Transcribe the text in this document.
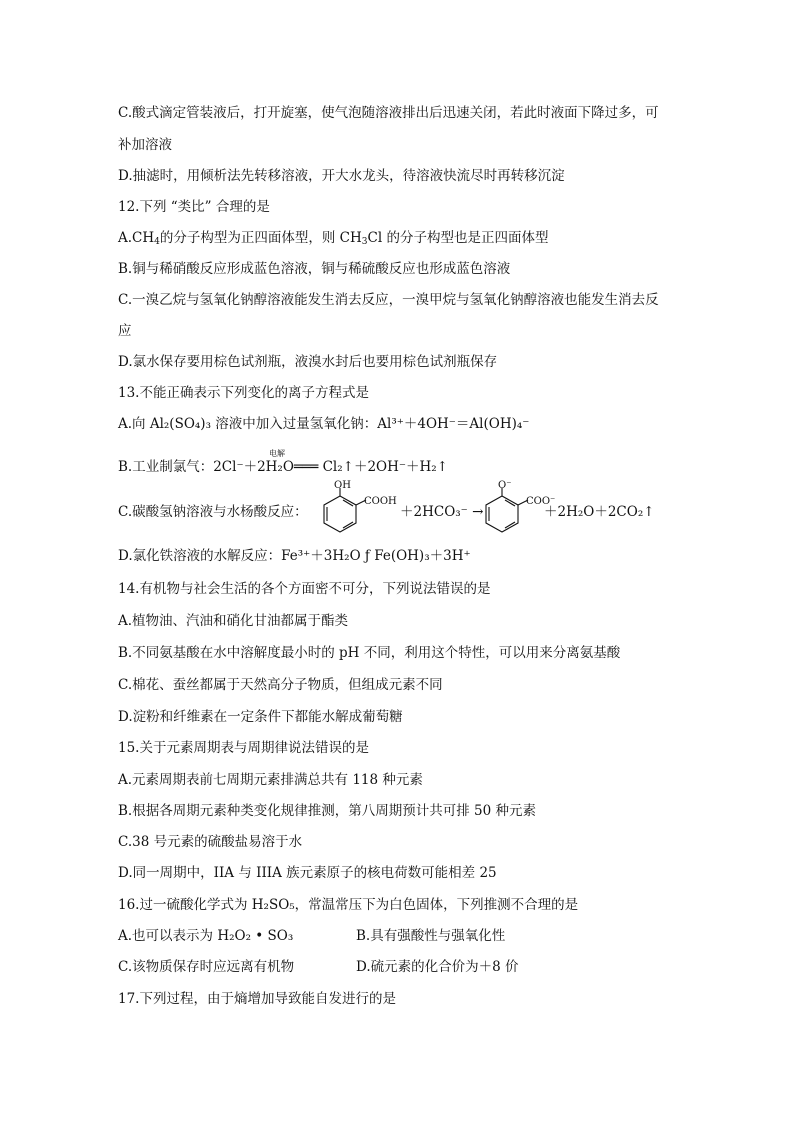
C.酸式滴定管装液后，打开旋塞，使气泡随溶液排出后迅速关闭，若此时液面下降过多，可
补加溶液
D.抽滤时，用倾析法先转移溶液，开大水龙头，待溶液快流尽时再转移沉淀
12.下列 “类比” 合理的是
$A.CH_4$的分子构型为正四面体型，则 $CH_3Cl$ 的分子构型也是正四面体型
B.铜与稀硝酸反应形成蓝色溶液，铜与稀硫酸反应也形成蓝色溶液
C.一溴乙烷与氢氧化钠醇溶液能发生消去反应，一溴甲烷与氢氧化钠醇溶液也能发生消去反
应
D.氯水保存要用棕色试剂瓶，液溴水封后也要用棕色试剂瓶保存
13.不能正确表示下列变化的离子方程式是
A.向 Al₂(SO₄)₃ 溶液中加入过量氢氧化钠：Al³⁺＋4OH⁻＝Al(OH)₄⁻
电解
B.工业制氯气：2Cl⁻＋2H₂O═══ Cl₂↑＋2OH⁻＋H₂↑
C.碳酸氢钠溶液与水杨酸反应：
OH
COOH
＋2HCO₃⁻ →
O⁻
COO⁻
＋2H₂O＋2CO₂↑
D.氯化铁溶液的水解反应：Fe³⁺＋3H₂O ƒ Fe(OH)₃＋3H⁺
14.有机物与社会生活的各个方面密不可分，下列说法错误的是
A.植物油、汽油和硝化甘油都属于酯类
B.不同氨基酸在水中溶解度最小时的 pH 不同，利用这个特性，可以用来分离氨基酸
C.棉花、蚕丝都属于天然高分子物质，但组成元素不同
D.淀粉和纤维素在一定条件下都能水解成葡萄糖
15.关于元素周期表与周期律说法错误的是
A.元素周期表前七周期元素排满总共有 118 种元素
B.根据各周期元素种类变化规律推测，第八周期预计共可排 50 种元素
C.38 号元素的硫酸盐易溶于水
D.同一周期中，IIA 与 IIIA 族元素原子的核电荷数可能相差 25
16.过一硫酸化学式为 H₂SO₅，常温常压下为白色固体，下列推测不合理的是
A.也可以表示为 H₂O₂ • SO₃	B.具有强酸性与强氧化性
C.该物质保存时应远离有机物	D.硫元素的化合价为＋8 价
17.下列过程，由于熵增加导致能自发进行的是
